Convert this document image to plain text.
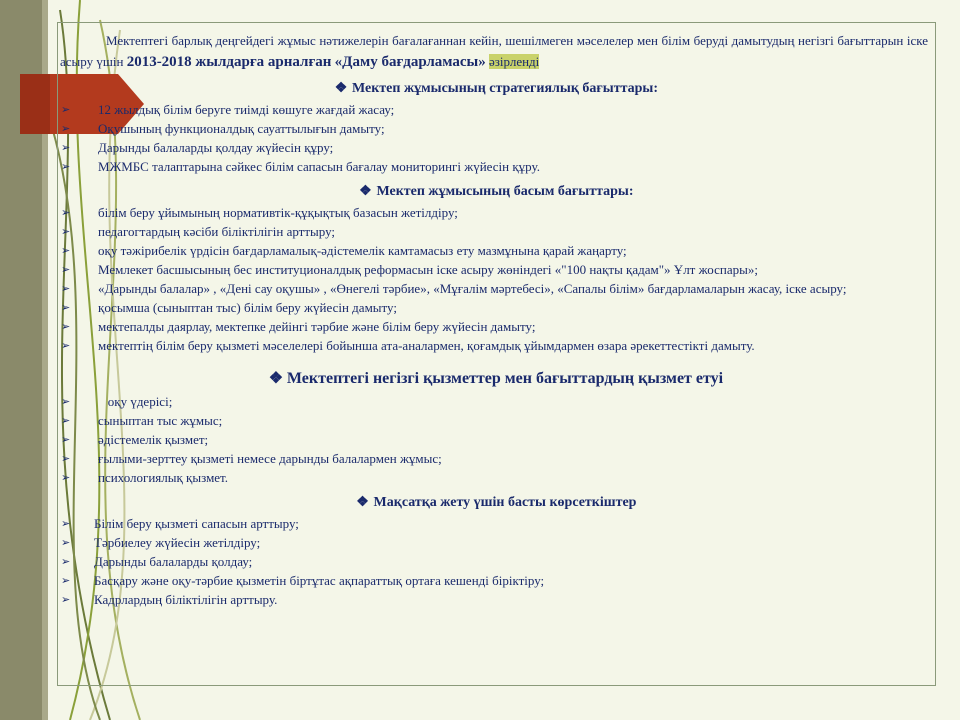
Мектептегі барлық деңгейдегі жұмыс нәтижелерін бағалағаннан кейін, шешілмеген мәселелер мен білім беруді дамытудың негізгі бағыттарын іске асыру үшін 2013-2018 жылдарға арналған «Даму бағдарламасы» әзірленді

❖ Мектеп жұмысының стратегиялық бағыттары:
➢ 12 жылдық білім беруге тиімді көшуге жағдай жасау;
➢ Оқушының функционалдық сауаттылығын дамыту;
➢ Дарынды балаларды қолдау жүйесін құру;
➢ МЖМБС талаптарына сәйкес білім сапасын бағалау мониторингі жүйесін құру.
❖ Мектеп жұмысының басым бағыттары:
➢ білім беру ұйымының нормативтік-құқықтық базасын жетілдіру;
➢ педагогтардың кәсіби біліктілігін арттыру;
➢ оқу тәжірибелік үрдісін бағдарламалық-әдістемелік камтамасыз ету мазмұнына қарай жаңарту;
➢ Мемлекет басшысының бес институционалдық реформасын іске асыру жөніндегі «"100 нақты қадам"» Ұлт жоспары»;
➢ «Дарынды балалар» , «Дені сау оқушы» , «Өнегелі тәрбие», «Мұғалім мәртебесі», «Сапалы білім» бағдарламаларын жасау, іске асыру;
➢ қосымша (сыныптан тыс) білім беру жүйесін дамыту;
➢ мектепалды даярлау, мектепке дейінгі тәрбие және білім беру жүйесін дамыту;
➢ мектептің білім беру қызметі мәселелері бойынша ата-аналармен, қоғамдық ұйымдармен өзара әрекеттестікті дамыту.
❖ Мектептегі негізгі қызметтер мен бағыттардың қызмет етуі
➢ оқу үдерісі;
➢ сыныптан тыс жұмыс;
➢ әдістемелік қызмет;
➢ ғылыми-зерттеу қызметі немесе дарынды балалармен жұмыс;
➢ психологиялық қызмет.
❖ Мақсатқа жету үшін басты көрсеткіштер
➢ Білім беру қызметі сапасын арттыру;
➢ Тәрбиелеу жүйесін жетілдіру;
➢ Дарынды балаларды қолдау;
➢ Басқару және оқу-тәрбие қызметін біртұтас ақпараттық ортаға кешенді біріктіру;
➢ Кадрлардың біліктілігін арттыру.
